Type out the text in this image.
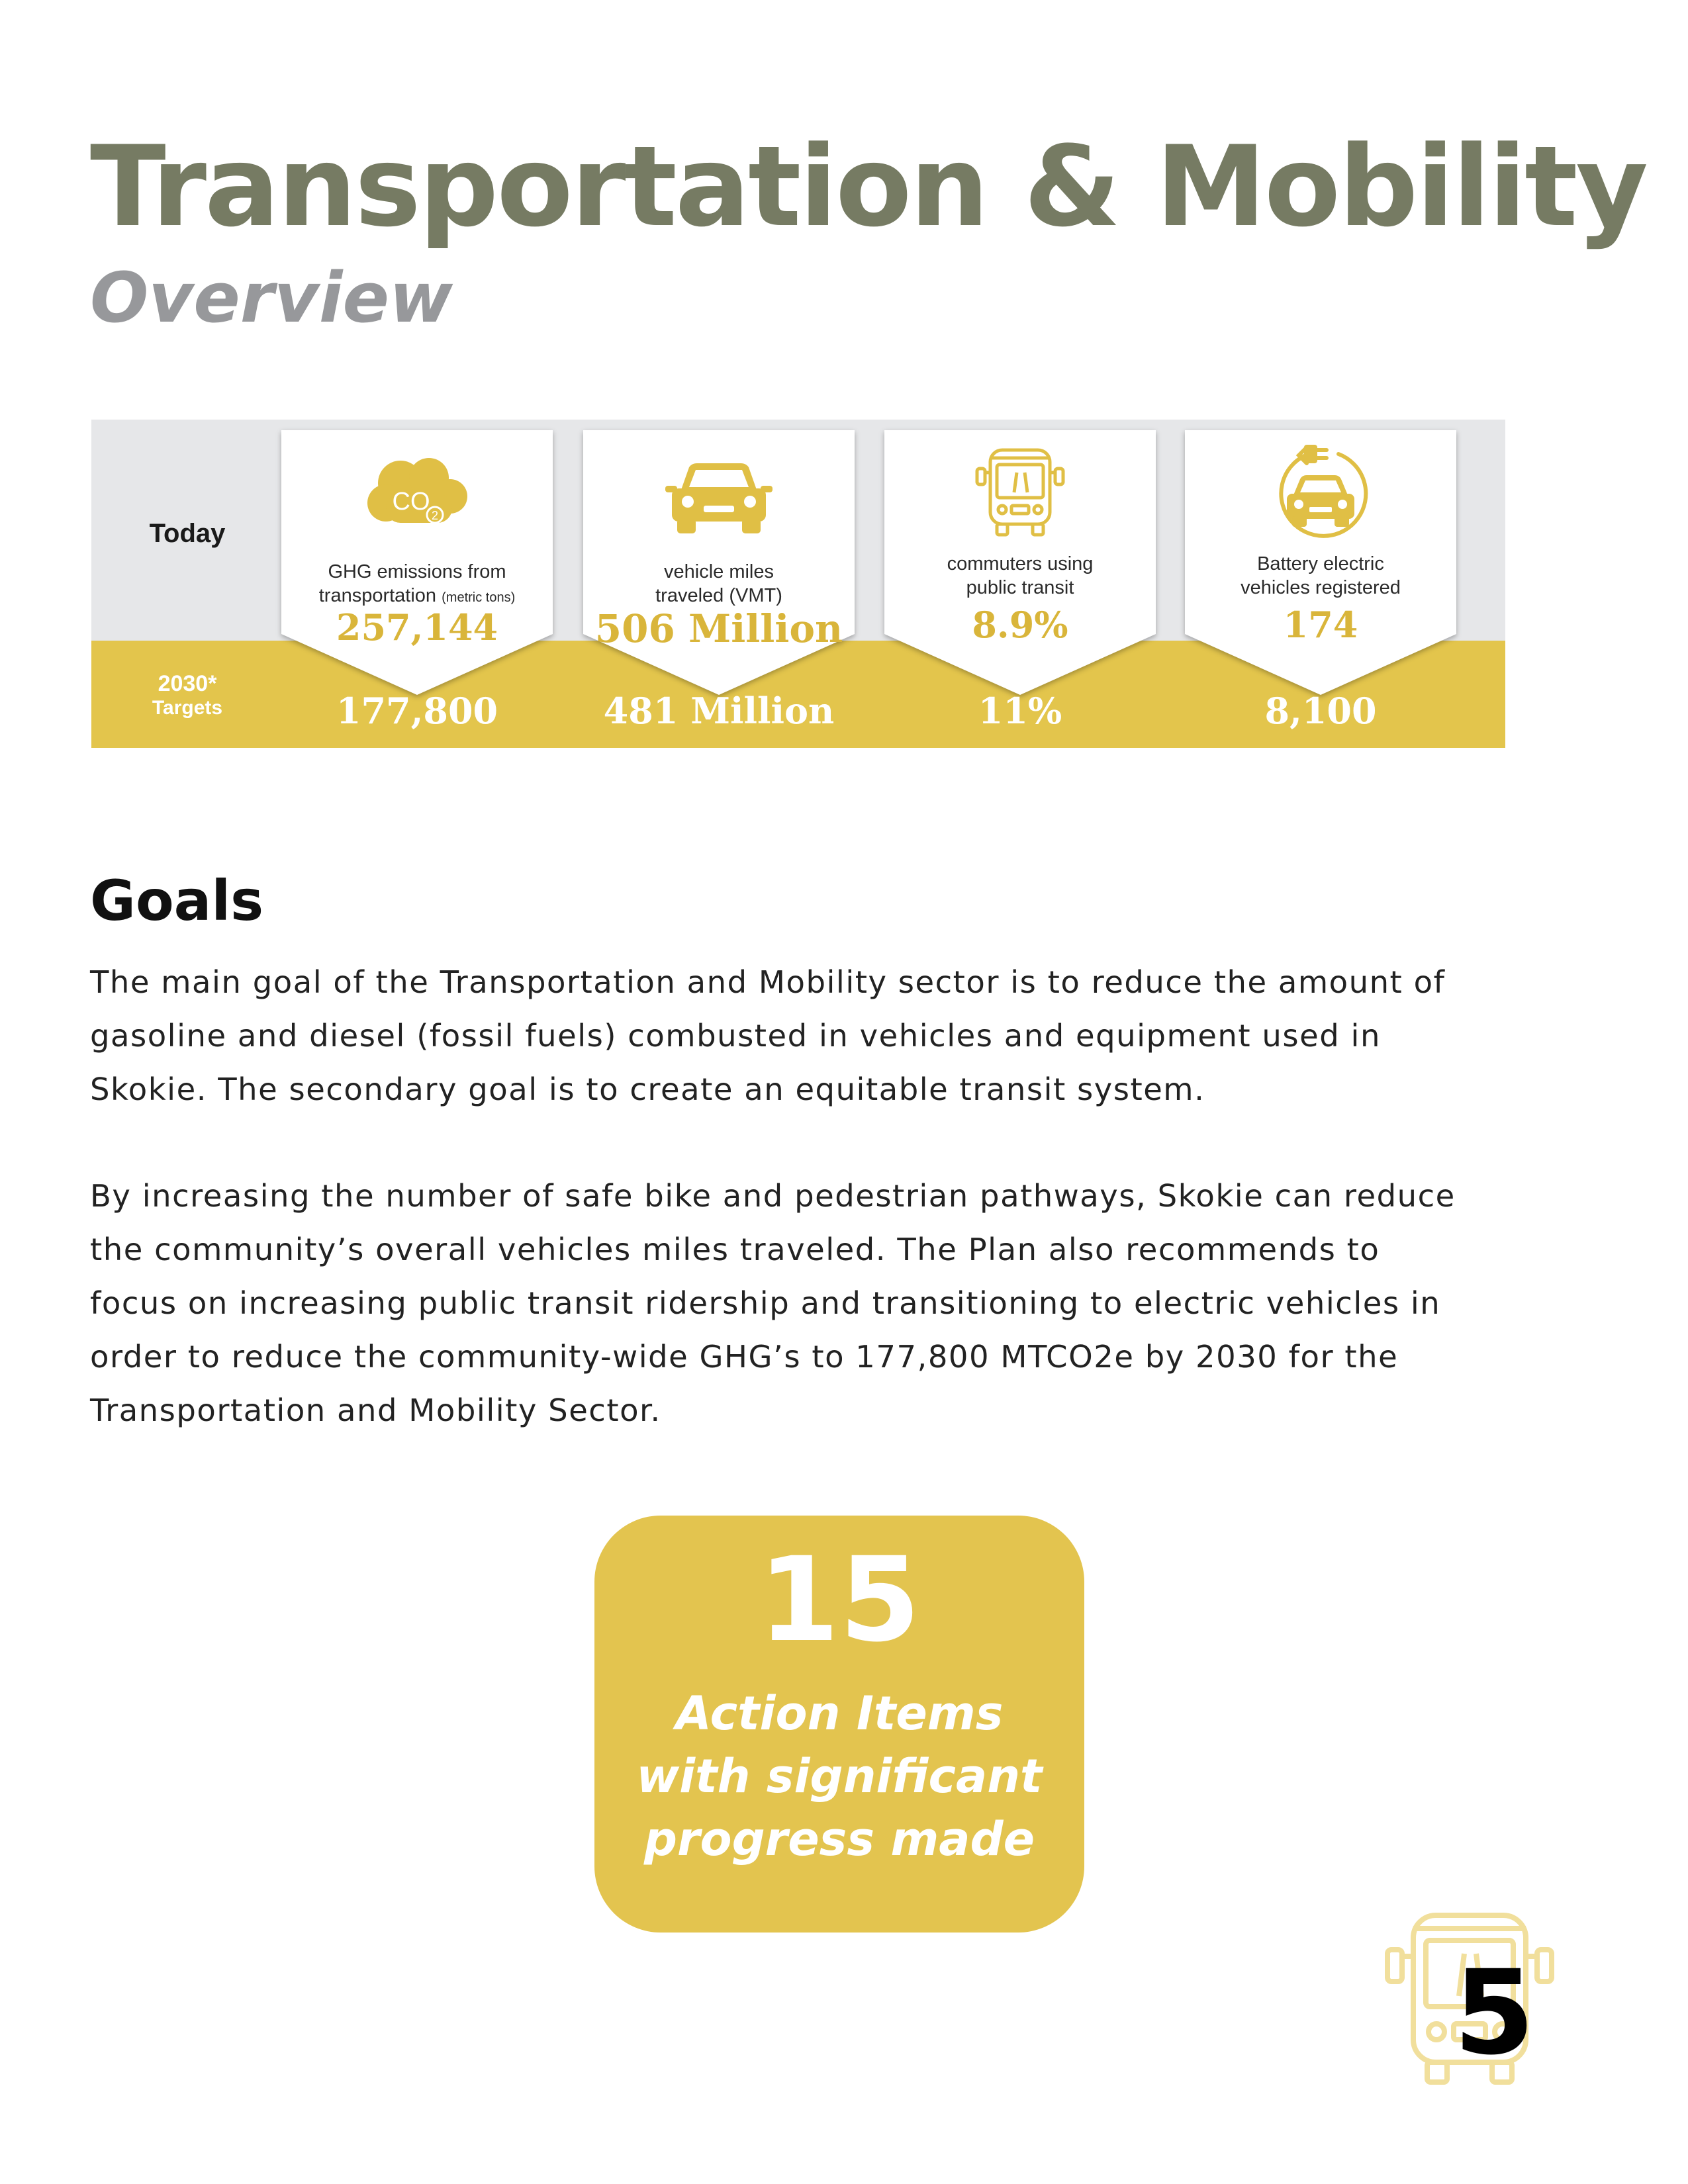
Transportation & Mobility
Overview
Today
2030*
Targets
CO 2
GHG emissions from
transportation (metric tons)
257,144
177,800
vehicle miles
traveled (VMT)
506 Million
481 Million
commuters using
public transit
8.9%
11%
Battery electric
vehicles registered
174
8,100
Goals
The main goal of the Transportation and Mobility sector is to reduce the amount of
gasoline and diesel (fossil fuels) combusted in vehicles and equipment used in
Skokie. The secondary goal is to create an equitable transit system.
By increasing the number of safe bike and pedestrian pathways, Skokie can reduce
the community’s overall vehicles miles traveled. The Plan also recommends to
focus on increasing public transit ridership and transitioning to electric vehicles in
order to reduce the community-wide GHG’s to 177,800 MTCO2e by 2030 for the
Transportation and Mobility Sector.
15
Action Items
with significant
progress made
5
